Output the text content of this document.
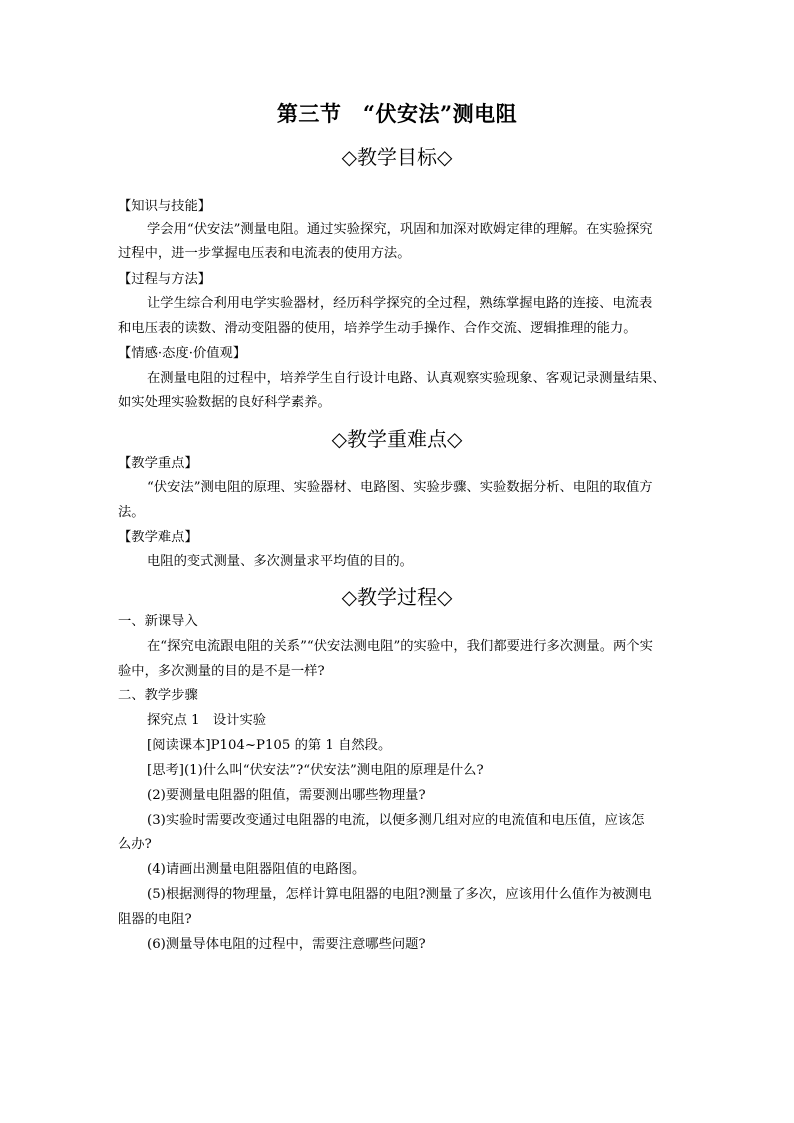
第三节　“伏安法”测电阻
◇教学目标◇
【知识与技能】
学会用“伏安法”测量电阻。通过实验探究，巩固和加深对欧姆定律的理解。在实验探究
过程中，进一步掌握电压表和电流表的使用方法。
【过程与方法】
让学生综合利用电学实验器材，经历科学探究的全过程，熟练掌握电路的连接、电流表
和电压表的读数、滑动变阻器的使用，培养学生动手操作、合作交流、逻辑推理的能力。
【情感·态度·价值观】
在测量电阻的过程中，培养学生自行设计电路、认真观察实验现象、客观记录测量结果、
如实处理实验数据的良好科学素养。
◇教学重难点◇
【教学重点】
“伏安法”测电阻的原理、实验器材、电路图、实验步骤、实验数据分析、电阻的取值方
法。
【教学难点】
电阻的变式测量、多次测量求平均值的目的。
◇教学过程◇
一、新课导入
在“探究电流跟电阻的关系”“伏安法测电阻”的实验中，我们都要进行多次测量。两个实
验中，多次测量的目的是不是一样?
二、教学步骤
探究点 1　设计实验
[阅读课本]P104~P105 的第 1 自然段。
[思考](1)什么叫“伏安法”?“伏安法”测电阻的原理是什么?
(2)要测量电阻器的阻值，需要测出哪些物理量?
(3)实验时需要改变通过电阻器的电流，以便多测几组对应的电流值和电压值，应该怎
么办?
(4)请画出测量电阻器阻值的电路图。
(5)根据测得的物理量，怎样计算电阻器的电阻?测量了多次，应该用什么值作为被测电
阻器的电阻?
(6)测量导体电阻的过程中，需要注意哪些问题?
